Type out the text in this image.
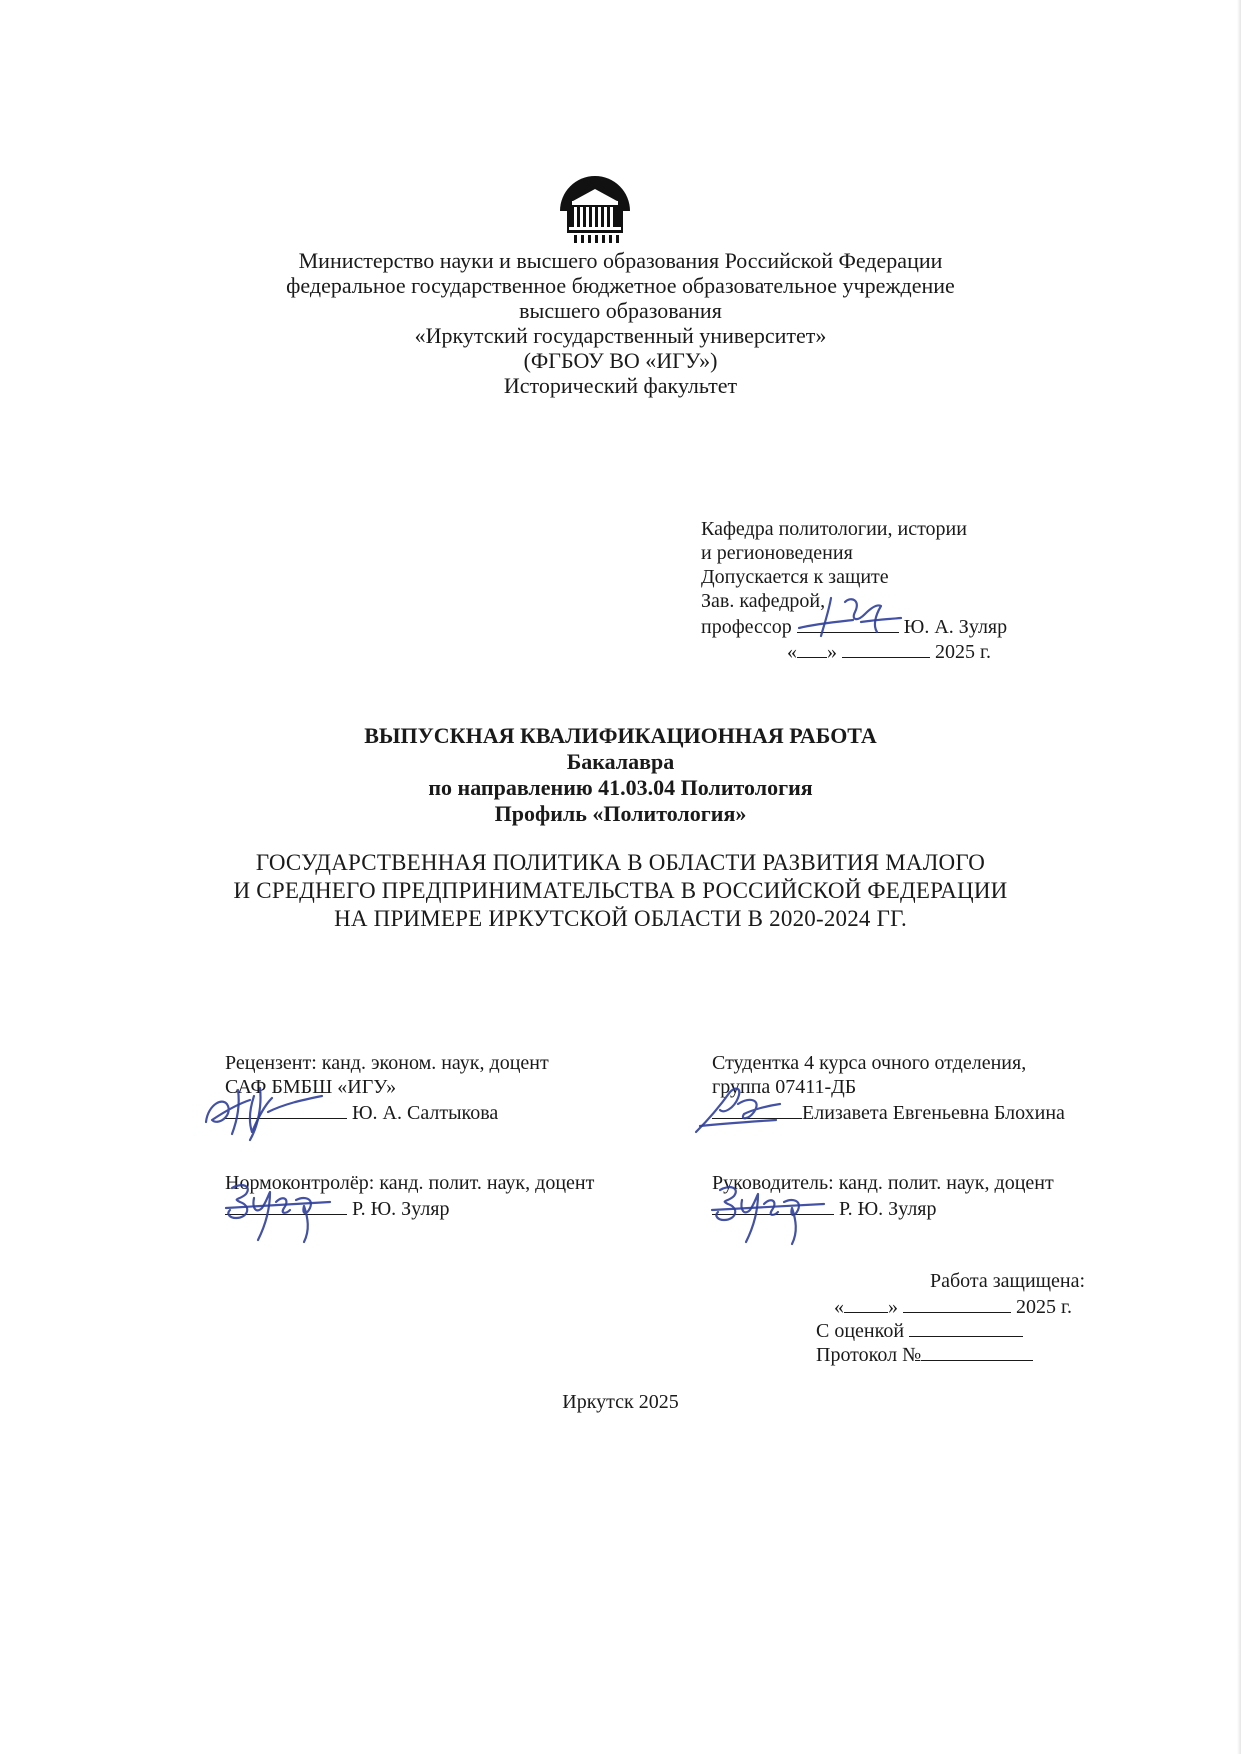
Министерство науки и высшего образования Российской Федерации
федеральное государственное бюджетное образовательное учреждение
высшего образования
«Иркутский государственный университет»
(ФГБОУ ВО «ИГУ»)
Исторический факультет
Кафедра политологии, истории
и регионоведения
Допускается к защите
Зав. кафедрой,
профессор	Ю. А. Зуляр
« »	2025 г.
ВЫПУСКНАЯ КВАЛИФИКАЦИОННАЯ РАБОТА
Бакалавра
по направлению 41.03.04 Политология
Профиль «Политология»
ГОСУДАРСТВЕННАЯ ПОЛИТИКА В ОБЛАСТИ РАЗВИТИЯ МАЛОГО
И СРЕДНЕГО ПРЕДПРИНИМАТЕЛЬСТВА В РОССИЙСКОЙ ФЕДЕРАЦИИ
НА ПРИМЕРЕ ИРКУТСКОЙ ОБЛАСТИ В 2020-2024 ГГ.
Рецензент: канд. эконом. наук, доцент
САФ БМБШ «ИГУ»
Ю. А. Салтыкова
Студентка 4 курса очного отделения,
группа 07411-ДБ
Елизавета Евгеньевна Блохина
Нормоконтролёр: канд. полит. наук, доцент
Р. Ю. Зуляр
Руководитель: канд. полит. наук, доцент
Р. Ю. Зуляр
Работа защищена:
« »	2025 г.
С оценкой
Протокол №
Иркутск 2025
